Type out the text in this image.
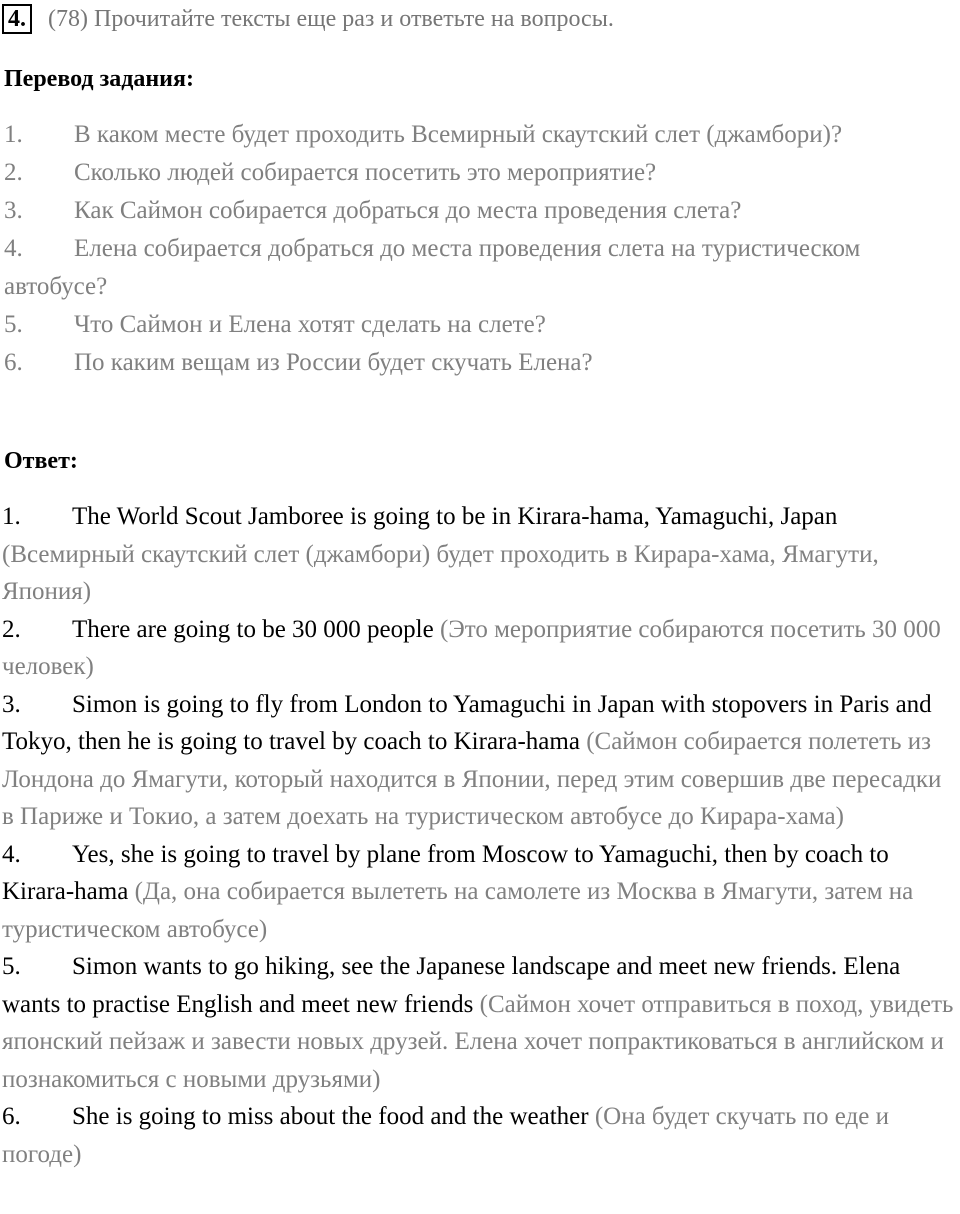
4. (78) Прочитайте тексты еще раз и ответьте на вопросы.
Перевод задания:
1. В каком месте будет проходить Всемирный скаутский слет (джамбори)?
2. Сколько людей собирается посетить это мероприятие?
3. Как Саймон собирается добраться до места проведения слета?
4. Елена собирается добраться до места проведения слета на туристическом автобусе?
5. Что Саймон и Елена хотят сделать на слете?
6. По каким вещам из России будет скучать Елена?
Ответ:
1. The World Scout Jamboree is going to be in Kirara-hama, Yamaguchi, Japan (Всемирный скаутский слет (джамбори) будет проходить в Кирара-хама, Ямагути, Япония)
2. There are going to be 30 000 people (Это мероприятие собираются посетить 30 000 человек)
3. Simon is going to fly from London to Yamaguchi in Japan with stopovers in Paris and Tokyo, then he is going to travel by coach to Kirara-hama (Саймон собирается полететь из Лондона до Ямагути, который находится в Японии, перед этим совершив две пересадки в Париже и Токио, а затем доехать на туристическом автобусе до Кирара-хама)
4. Yes, she is going to travel by plane from Moscow to Yamaguchi, then by coach to Kirara-hama (Да, она собирается вылететь на самолете из Москва в Ямагути, затем на туристическом автобусе)
5. Simon wants to go hiking, see the Japanese landscape and meet new friends. Elena wants to practise English and meet new friends (Саймон хочет отправиться в поход, увидеть японский пейзаж и завести новых друзей. Елена хочет попрактиковаться в английском и познакомиться с новыми друзьями)
6. She is going to miss about the food and the weather (Она будет скучать по еде и погоде)
